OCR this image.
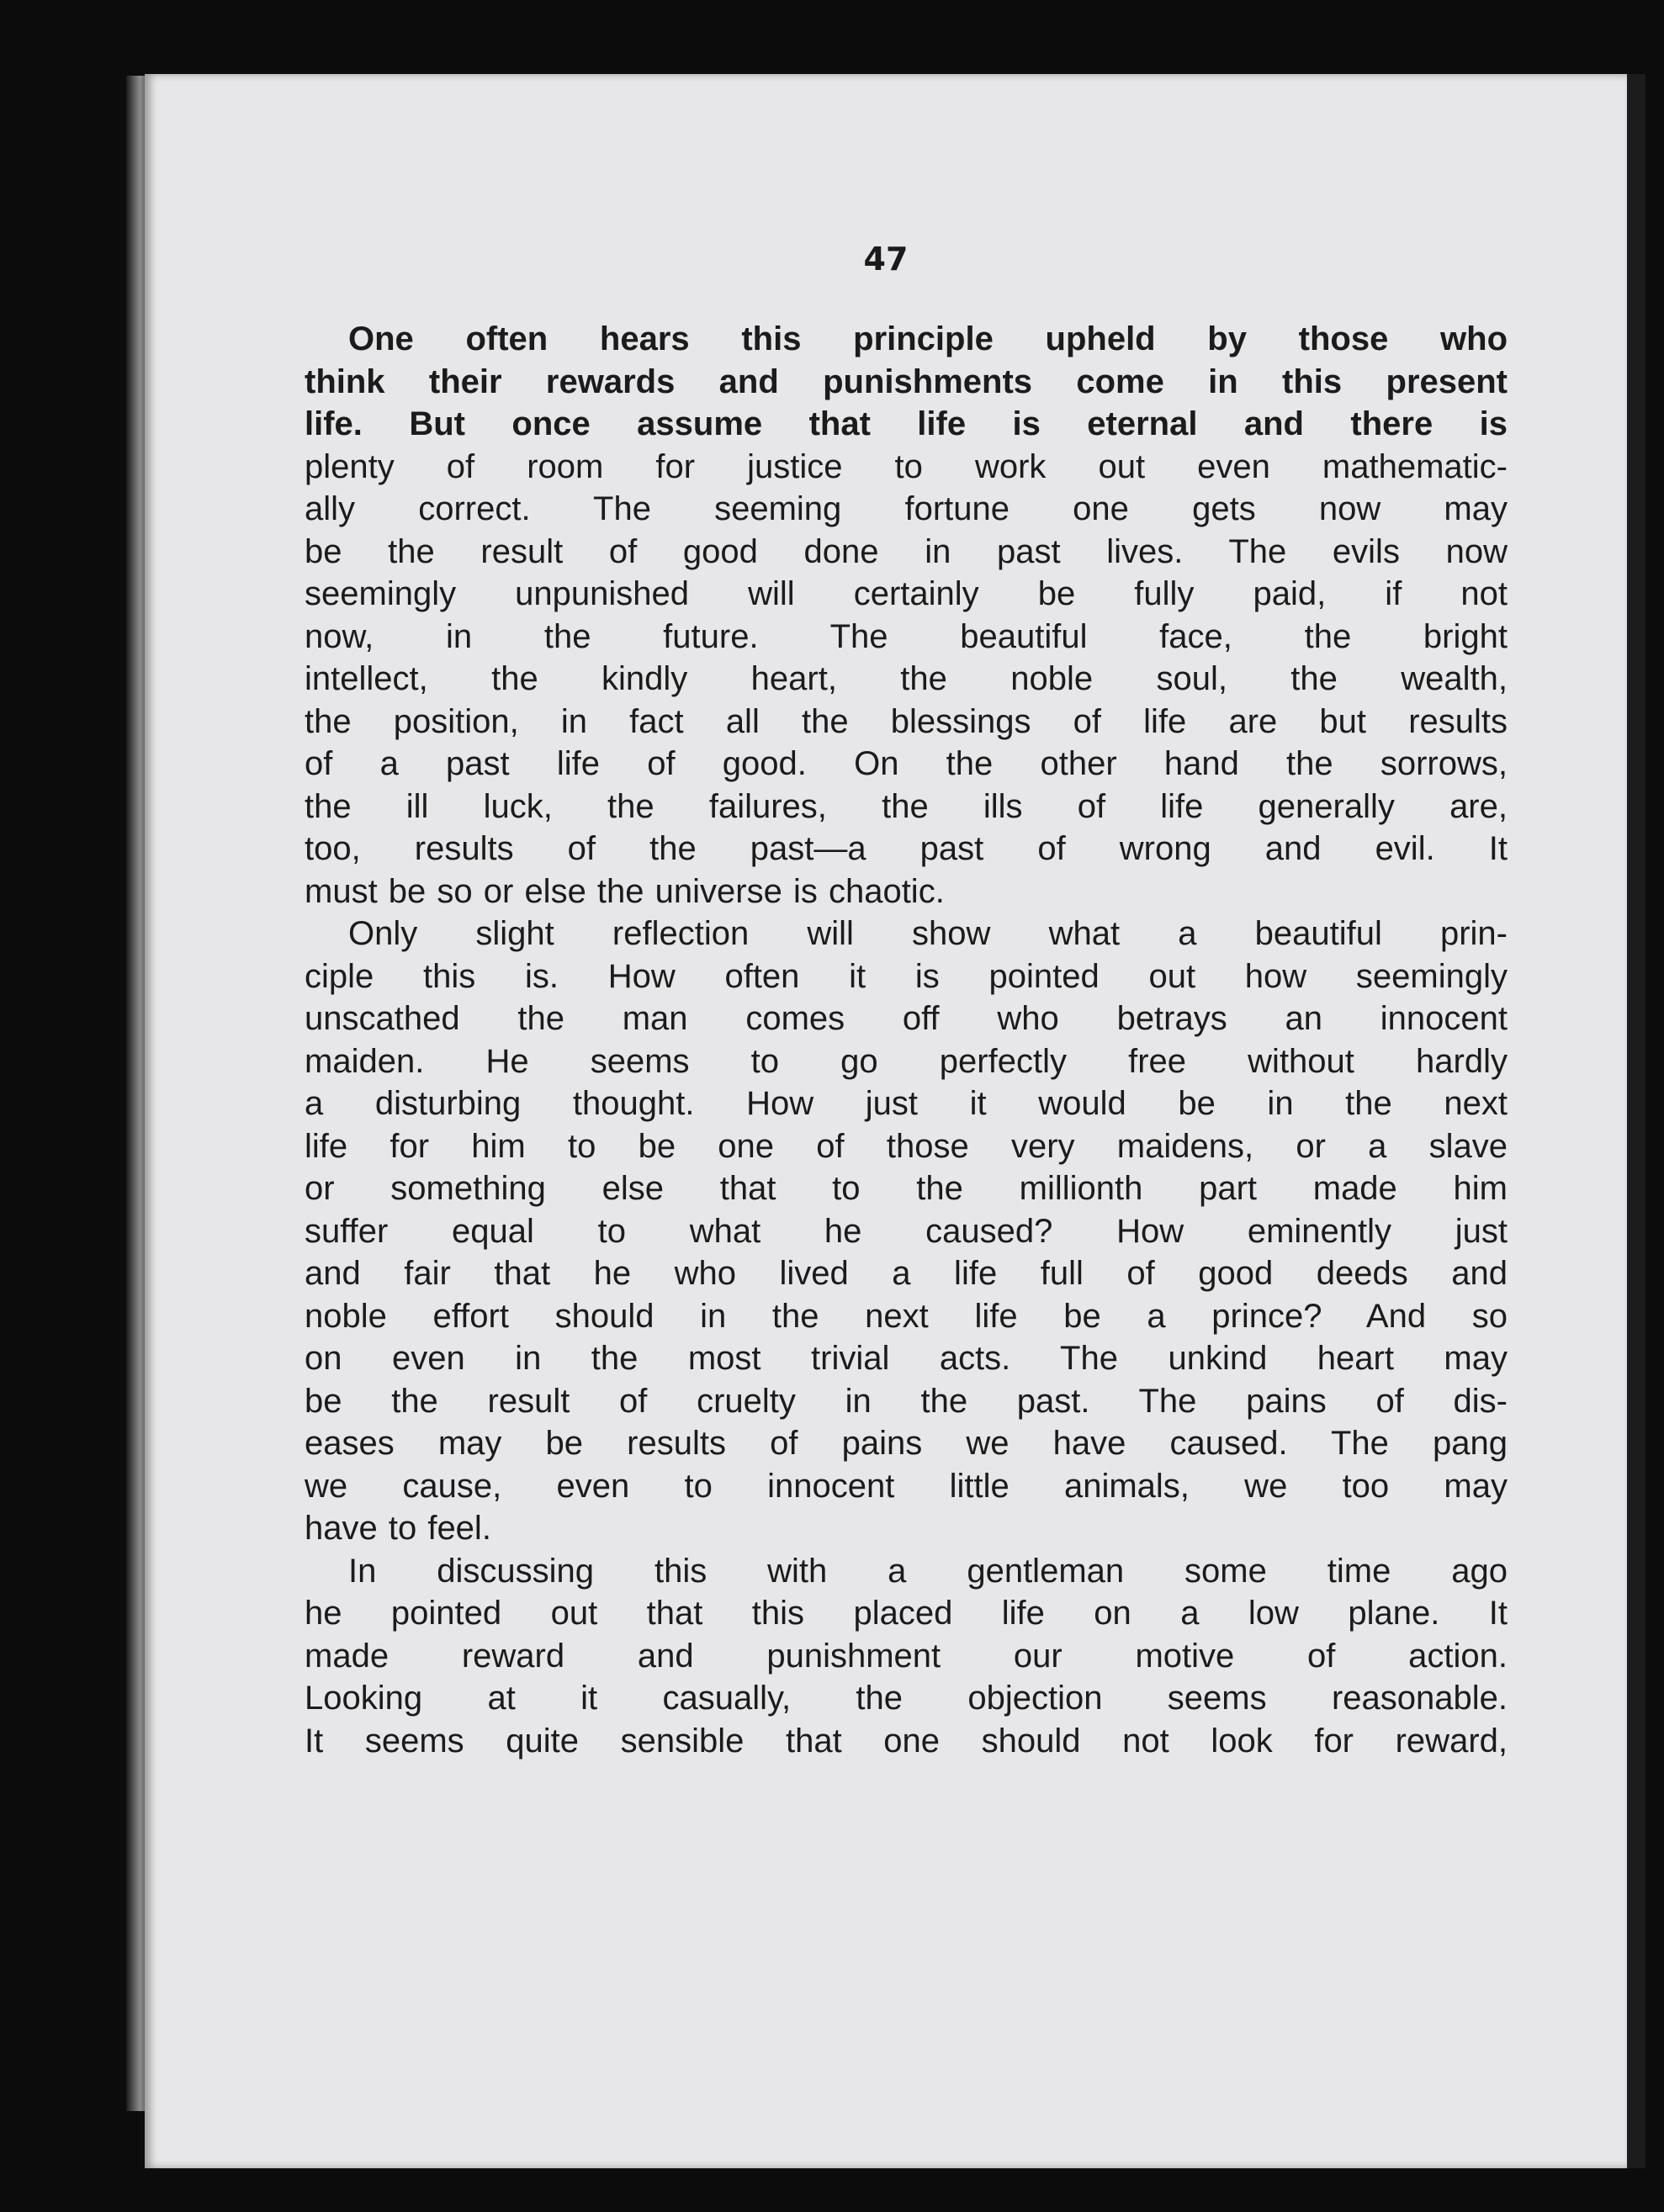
47
One often hears this principle upheld by those who
think their rewards and punishments come in this present
life. But once assume that life is eternal and there is
plenty of room for justice to work out even mathematic-
ally correct. The seeming fortune one gets now may
be the result of good done in past lives. The evils now
seemingly unpunished will certainly be fully paid, if not
now, in the future. The beautiful face, the bright
intellect, the kindly heart, the noble soul, the wealth,
the position, in fact all the blessings of life are but results
of a past life of good. On the other hand the sorrows,
the ill luck, the failures, the ills of life generally are,
too, results of the past—a past of wrong and evil. It
must be so or else the universe is chaotic.
Only slight reflection will show what a beautiful prin-
ciple this is. How often it is pointed out how seemingly
unscathed the man comes off who betrays an innocent
maiden. He seems to go perfectly free without hardly
a disturbing thought. How just it would be in the next
life for him to be one of those very maidens, or a slave
or something else that to the millionth part made him
suffer equal to what he caused? How eminently just
and fair that he who lived a life full of good deeds and
noble effort should in the next life be a prince? And so
on even in the most trivial acts. The unkind heart may
be the result of cruelty in the past. The pains of dis-
eases may be results of pains we have caused. The pang
we cause, even to innocent little animals, we too may
have to feel.
In discussing this with a gentleman some time ago
he pointed out that this placed life on a low plane. It
made reward and punishment our motive of action.
Looking at it casually, the objection seems reasonable.
It seems quite sensible that one should not look for reward,
